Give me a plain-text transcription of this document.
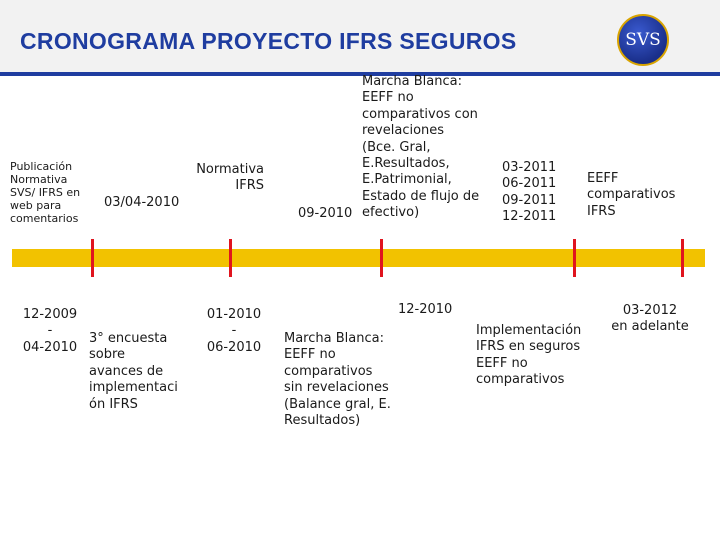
CRONOGRAMA PROYECTO IFRS SEGUROS	SVS
Publicación
Normativa
SVS/ IFRS en
web para
comentarios
03/04-2010
Normativa
IFRS
09-2010
Marcha Blanca:
EEFF no
comparativos con
revelaciones
(Bce. Gral,
E.Resultados,
E.Patrimonial,
Estado de flujo de
efectivo)
03-2011
06-2011
09-2011
12-2011
EEFF
comparativos
IFRS
12-2009
-
04-2010
3° encuesta
sobre
avances de
implementaci
ón IFRS
01-2010
-
06-2010
12-2010
Marcha Blanca:
EEFF no
comparativos
sin revelaciones
(Balance gral, E.
Resultados)
Implementación
IFRS en seguros
EEFF no
comparativos
03-2012
en adelante
